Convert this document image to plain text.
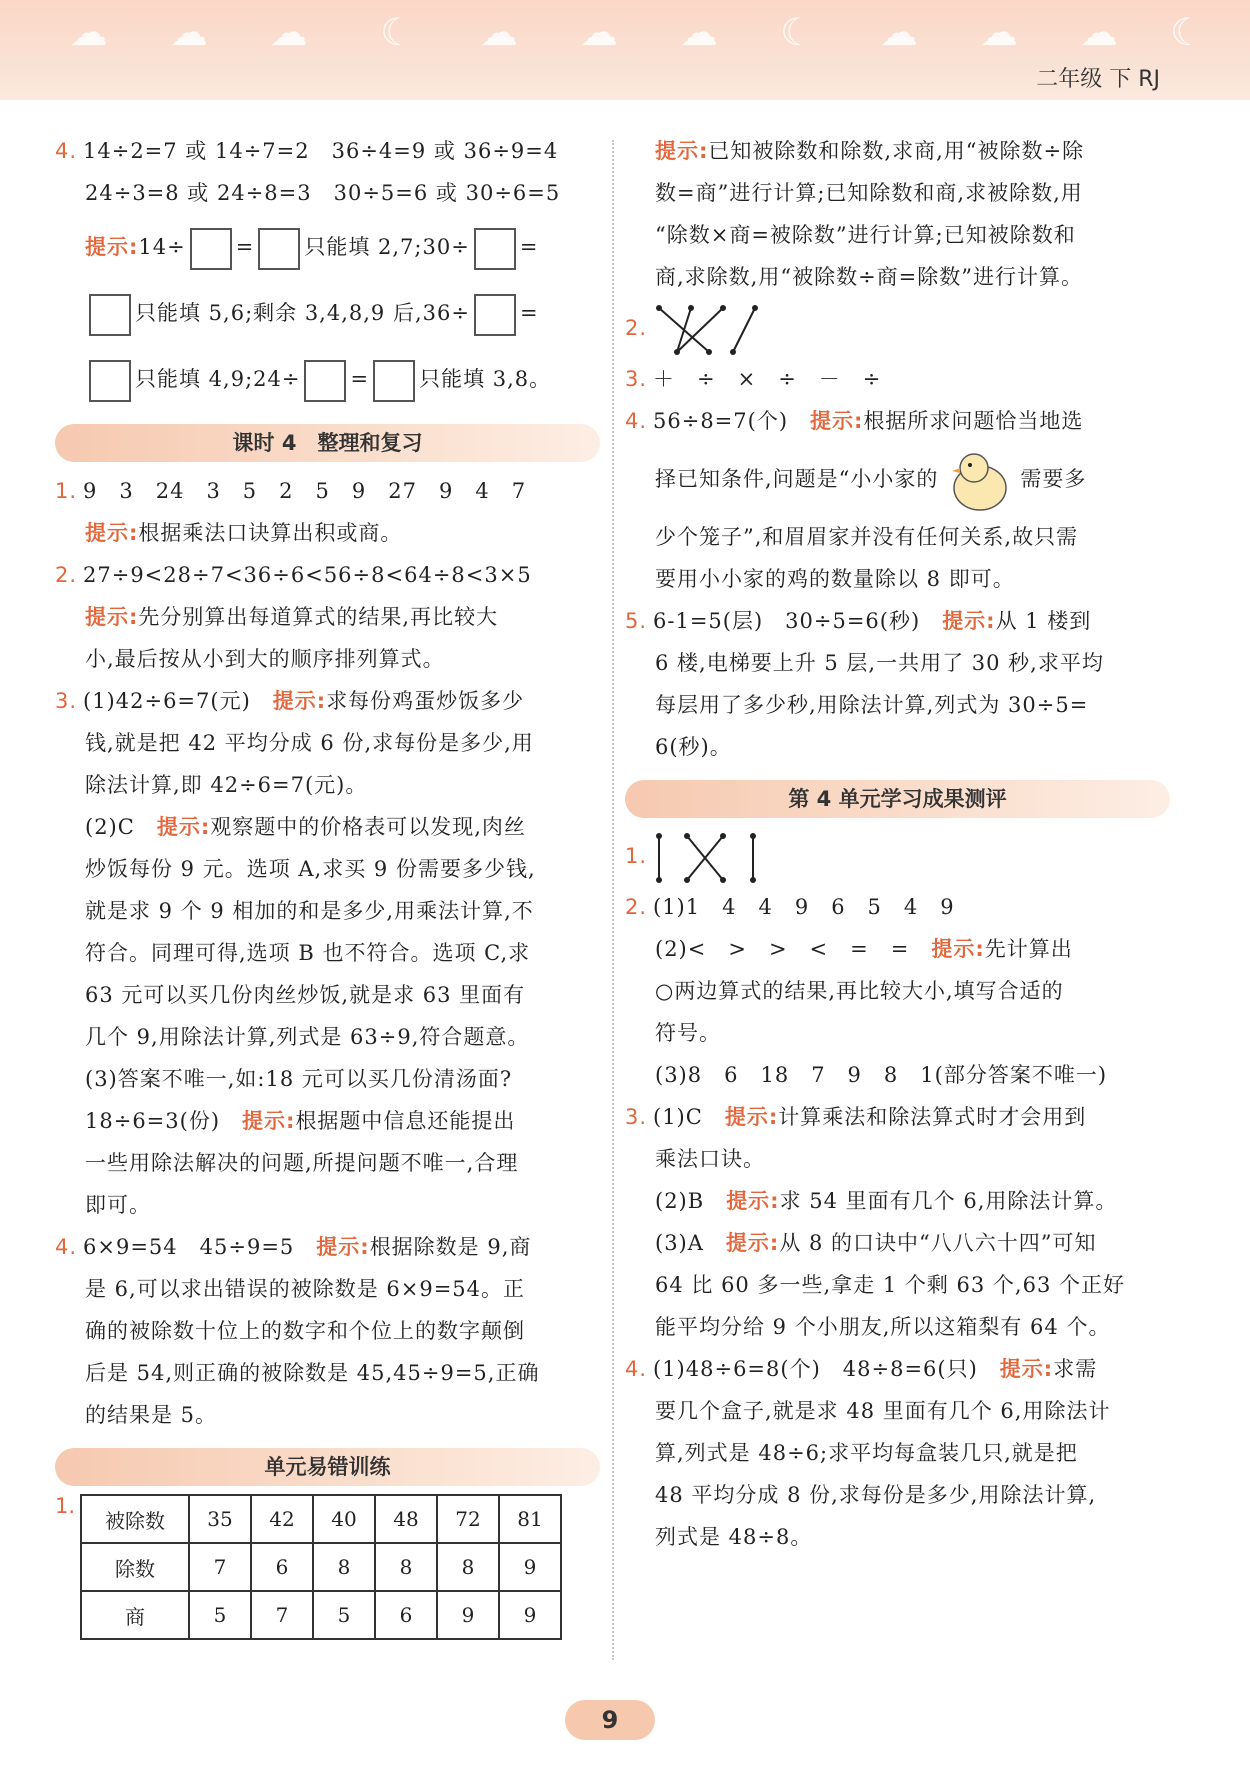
☁ ☁ ☁ ☾ ☁ ☁ ☁ ☾ ☁ ☁ ☁ ☾
二年级 下 RJ
4. 14÷2=7 或 14÷7=2　36÷4=9 或 36÷9=4
24÷3=8 或 24÷8=3　30÷5=6 或 30÷6=5
提示:14÷ = 只能填 2,7;30÷ =
只能填 5,6;剩余 3,4,8,9 后,36÷ =
只能填 4,9;24÷ = 只能填 3,8。
课时 4　整理和复习
1. 9　3　24　3　5　2　5　9　27　9　4　7
提示:根据乘法口诀算出积或商。
2. 27÷9<28÷7<36÷6<56÷8<64÷8<3×5
提示:先分别算出每道算式的结果,再比较大
小,最后按从小到大的顺序排列算式。
3. (1)42÷6=7(元)　提示:求每份鸡蛋炒饭多少
钱,就是把 42 平均分成 6 份,求每份是多少,用
除法计算,即 42÷6=7(元)。
(2)C　提示:观察题中的价格表可以发现,肉丝
炒饭每份 9 元。选项 A,求买 9 份需要多少钱,
就是求 9 个 9 相加的和是多少,用乘法计算,不
符合。同理可得,选项 B 也不符合。选项 C,求
63 元可以买几份肉丝炒饭,就是求 63 里面有
几个 9,用除法计算,列式是 63÷9,符合题意。
(3)答案不唯一,如:18 元可以买几份清汤面?
18÷6=3(份)　提示:根据题中信息还能提出
一些用除法解决的问题,所提问题不唯一,合理
即可。
4. 6×9=54　45÷9=5　提示:根据除数是 9,商
是 6,可以求出错误的被除数是 6×9=54。正
确的被除数十位上的数字和个位上的数字颠倒
后是 54,则正确的被除数是 45,45÷9=5,正确
的结果是 5。
单元易错训练
1.
被除数	35	42	40	48	72	81
除数	7	6	8	8	8	9
商	5	7	5	6	9	9
提示:已知被除数和除数,求商,用“被除数÷除
数=商”进行计算;已知除数和商,求被除数,用
“除数×商=被除数”进行计算;已知被除数和
商,求除数,用“被除数÷商=除数”进行计算。
2.
3. ＋　÷　×　÷　－　÷
4. 56÷8=7(个)　提示:根据所求问题恰当地选
择已知条件,问题是“小小家的	需要多
少个笼子”,和眉眉家并没有任何关系,故只需
要用小小家的鸡的数量除以 8 即可。
5. 6-1=5(层)　30÷5=6(秒)　提示:从 1 楼到
6 楼,电梯要上升 5 层,一共用了 30 秒,求平均
每层用了多少秒,用除法计算,列式为 30÷5=
6(秒)。
第 4 单元学习成果测评
1.
2. (1)1　4　4　9　6　5　4　9
(2)<　>　>　<　=　=　提示:先计算出
○两边算式的结果,再比较大小,填写合适的
符号。
(3)8　6　18　7　9　8　1(部分答案不唯一)
3. (1)C　提示:计算乘法和除法算式时才会用到
乘法口诀。
(2)B　提示:求 54 里面有几个 6,用除法计算。
(3)A　提示:从 8 的口诀中“八八六十四”可知
64 比 60 多一些,拿走 1 个剩 63 个,63 个正好
能平均分给 9 个小朋友,所以这箱梨有 64 个。
4. (1)48÷6=8(个)　48÷8=6(只)　提示:求需
要几个盒子,就是求 48 里面有几个 6,用除法计
算,列式是 48÷6;求平均每盒装几只,就是把
48 平均分成 8 份,求每份是多少,用除法计算,
列式是 48÷8。
9
